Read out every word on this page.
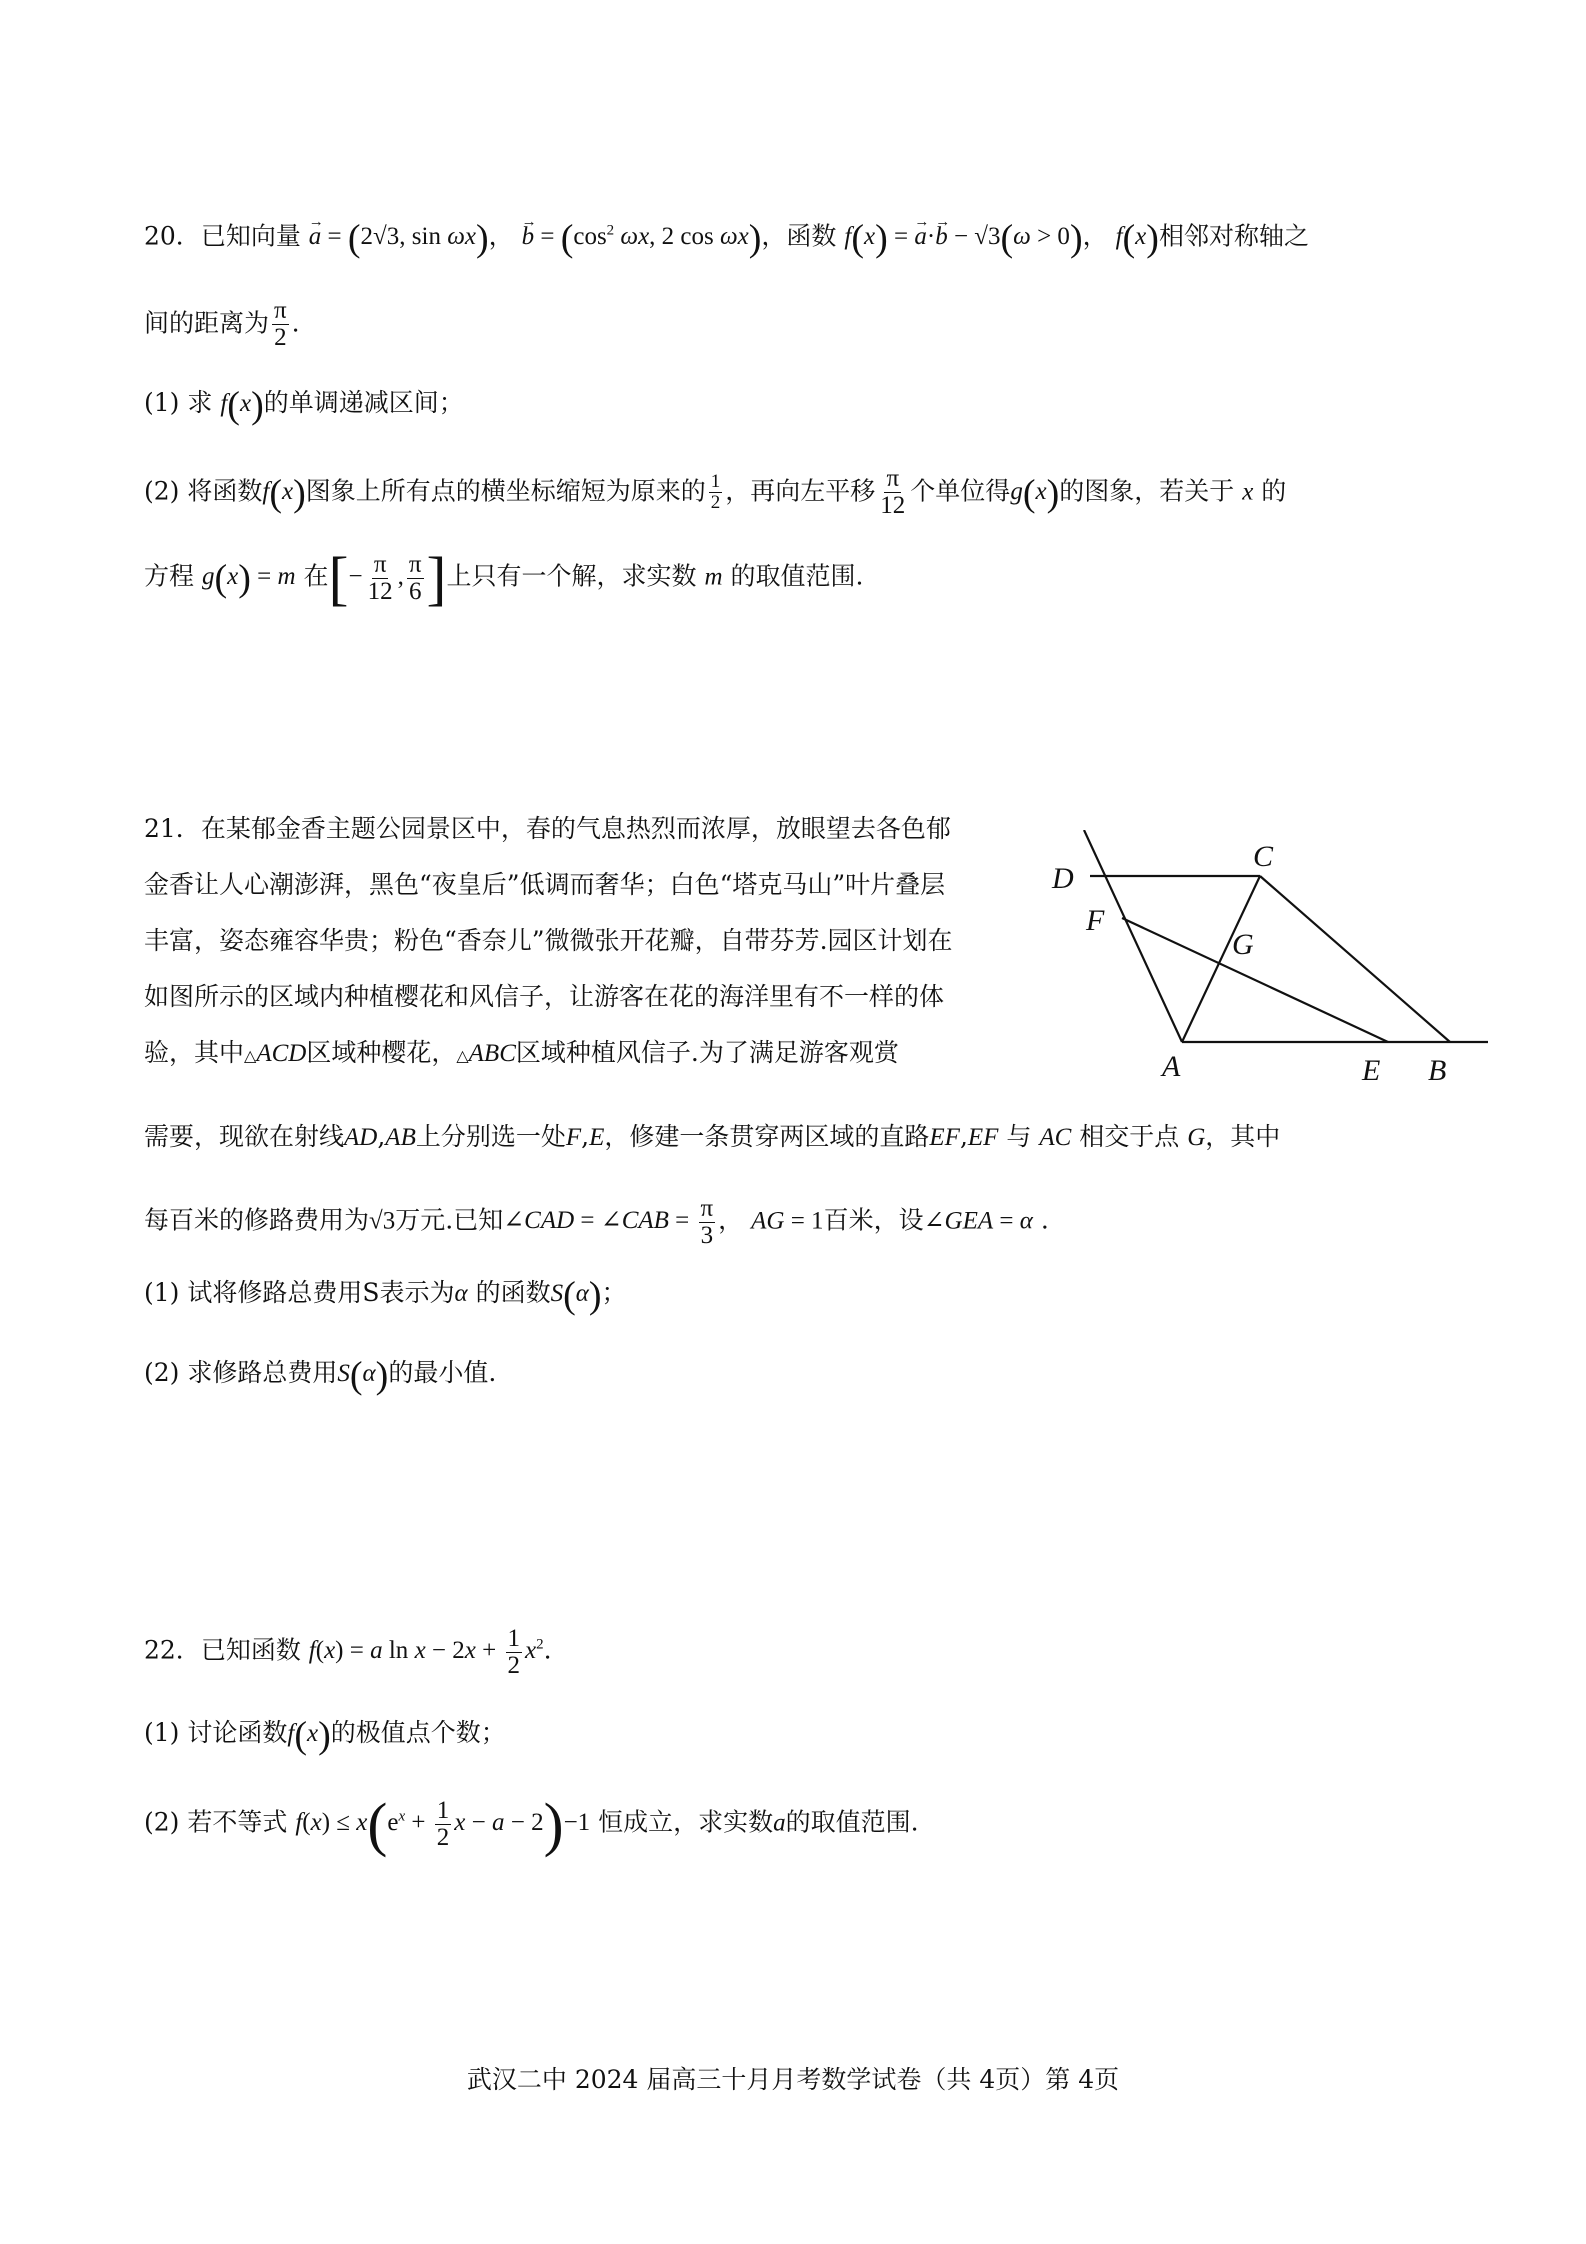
20．已知向量 → a = (2√3, sin ωx)， → $b = (\cos^2$ ωx, 2 cos ωx)，函数 f(x) = → a·→ b − √3(ω > 0)， f(x)相邻对称轴之
间的距离为 $\frac{\pi}{2}$ .
(1) 求 f(x)的单调递减区间；
(2) 将函数f(x)图象上所有点的横坐标缩短为原来的 $\frac{1}{2}$ ，再向左平移 $\frac{\pi}{12}$ 个单位得g(x)的图象，若关于 x 的
方程 g(x) = m 在[− $\frac{\pi}{12}$ , $\frac{\pi}{6}$ ]上只有一个解，求实数 m 的取值范围.
21．在某郁金香主题公园景区中，春的气息热烈而浓厚，放眼望去各色郁
金香让人心潮澎湃，黑色“夜皇后”低调而奢华；白色“塔克马山”叶片叠层
丰富，姿态雍容华贵；粉色“香奈儿”微微张开花瓣，自带芬芳.园区计划在
如图所示的区域内种植樱花和风信子，让游客在花的海洋里有不一样的体
验，其中△ACD区域种樱花，△ABC区域种植风信子.为了满足游客观赏
需要，现欲在射线AD,AB上分别选一处F,E，修建一条贯穿两区域的直路EF,EF 与 AC 相交于点 G，其中
每百米的修路费用为√3万元.已知∠CAD = ∠CAB = $\frac{\pi}{3}$ ， AG = 1百米，设∠GEA = α .
(1) 试将修路总费用S表示为α 的函数S(α)；
(2) 求修路总费用S(α)的最小值.
D
C
F
G
A	E B
22．已知函数 f(x) = a $\ln x - 2x + \frac{1}{2} x^2$.
(1) 讨论函数f(x)的极值点个数；
(2) 若不等式 $f(x) \le x(e^x + \frac{1}{2}$ x − a − 2)−1 恒成立，求实数a的取值范围.
武汉二中 2024 届高三十月月考数学试卷（共 4页）第 4页
